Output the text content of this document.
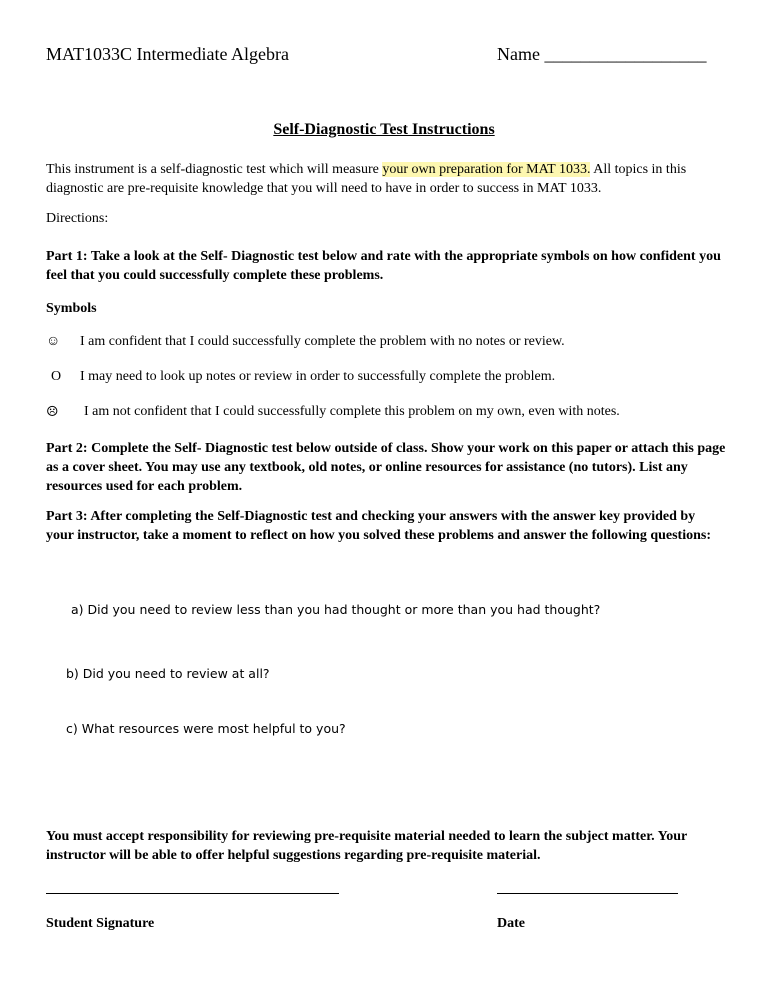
MAT1033C Intermediate Algebra	Name __________________
Self-Diagnostic Test Instructions
This instrument is a self-diagnostic test which will measure your own preparation for MAT 1033. All topics in this diagnostic are pre-requisite knowledge that you will need to have in order to success in MAT 1033.
Directions:
Part 1: Take a look at the Self- Diagnostic test below and rate with the appropriate symbols on how confident you feel that you could successfully complete these problems.
Symbols
☺	I am confident that I could successfully complete the problem with no notes or review.
O	I may need to look up notes or review in order to successfully complete the problem.
☹	I am not confident that I could successfully complete this problem on my own, even with notes.
Part 2: Complete the Self- Diagnostic test below outside of class. Show your work on this paper or attach this page as a cover sheet. You may use any textbook, old notes, or online resources for assistance (no tutors). List any resources used for each problem.
Part 3: After completing the Self-Diagnostic test and checking your answers with the answer key provided by your instructor, take a moment to reflect on how you solved these problems and answer the following questions:
a) Did you need to review less than you had thought or more than you had thought?
b) Did you need to review at all?
c) What resources were most helpful to you?
You must accept responsibility for reviewing pre-requisite material needed to learn the subject matter. Your instructor will be able to offer helpful suggestions regarding pre-requisite material.
Student Signature	Date
